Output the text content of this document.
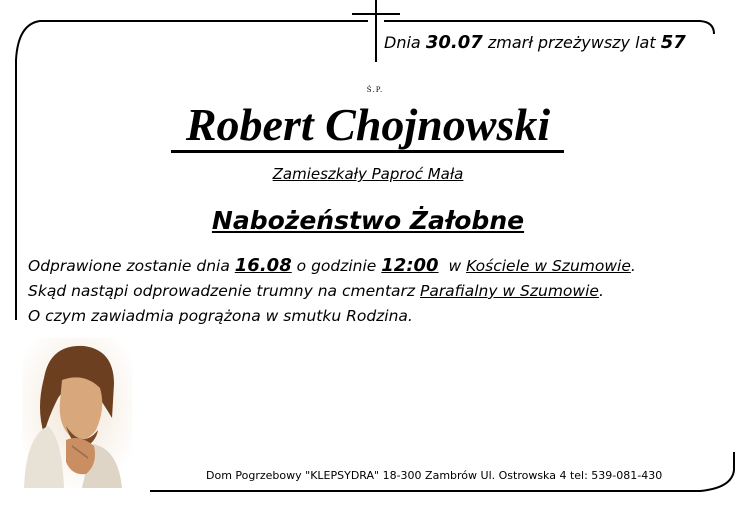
Dnia 30.07 zmarł przeżywszy lat 57
Ś.P.
Robert Chojnowski
Zamieszkały Paproć Mała
Nabożeństwo Żałobne
Odprawione zostanie dnia 16.08 o godzinie 12:00 w Kościele w Szumowie.
Skąd nastąpi odprowadzenie trumny na cmentarz Parafialny w Szumowie.
O czym zawiadmia pogrążona w smutku Rodzina.
Dom Pogrzebowy "KLEPSYDRA" 18-300 Zambrów Ul. Ostrowska 4 tel: 539-081-430
